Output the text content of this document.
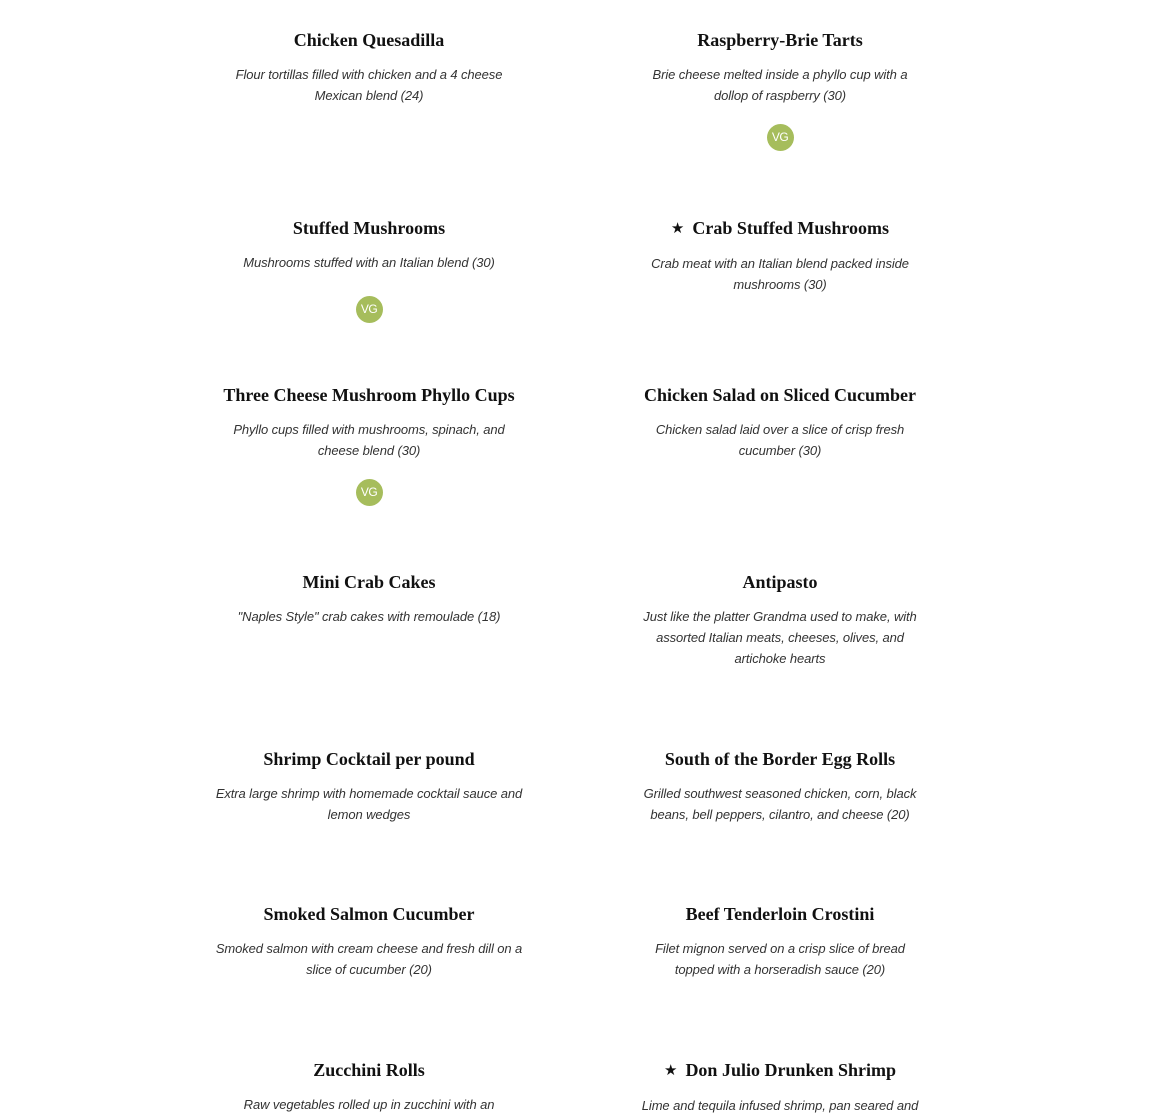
Chicken Quesadilla
Flour tortillas filled with chicken and a 4 cheese Mexican blend (24)
Raspberry-Brie Tarts
Brie cheese melted inside a phyllo cup with a dollop of raspberry (30)
VG
Stuffed Mushrooms
Mushrooms stuffed with an Italian blend (30)
VG
★ Crab Stuffed Mushrooms
Crab meat with an Italian blend packed inside mushrooms (30)
Three Cheese Mushroom Phyllo Cups
Phyllo cups filled with mushrooms, spinach, and cheese blend (30)
VG
Chicken Salad on Sliced Cucumber
Chicken salad laid over a slice of crisp fresh cucumber (30)
Mini Crab Cakes
"Naples Style" crab cakes with remoulade (18)
Antipasto
Just like the platter Grandma used to make, with assorted Italian meats, cheeses, olives, and artichoke hearts
Shrimp Cocktail per pound
Extra large shrimp with homemade cocktail sauce and lemon wedges
South of the Border Egg Rolls
Grilled southwest seasoned chicken, corn, black beans, bell peppers, cilantro, and cheese (20)
Smoked Salmon Cucumber
Smoked salmon with cream cheese and fresh dill on a slice of cucumber (20)
Beef Tenderloin Crostini
Filet mignon served on a crisp slice of bread topped with a horseradish sauce (20)
Zucchini Rolls
Raw vegetables rolled up in zucchini with an
★ Don Julio Drunken Shrimp
Lime and tequila infused shrimp, pan seared and
